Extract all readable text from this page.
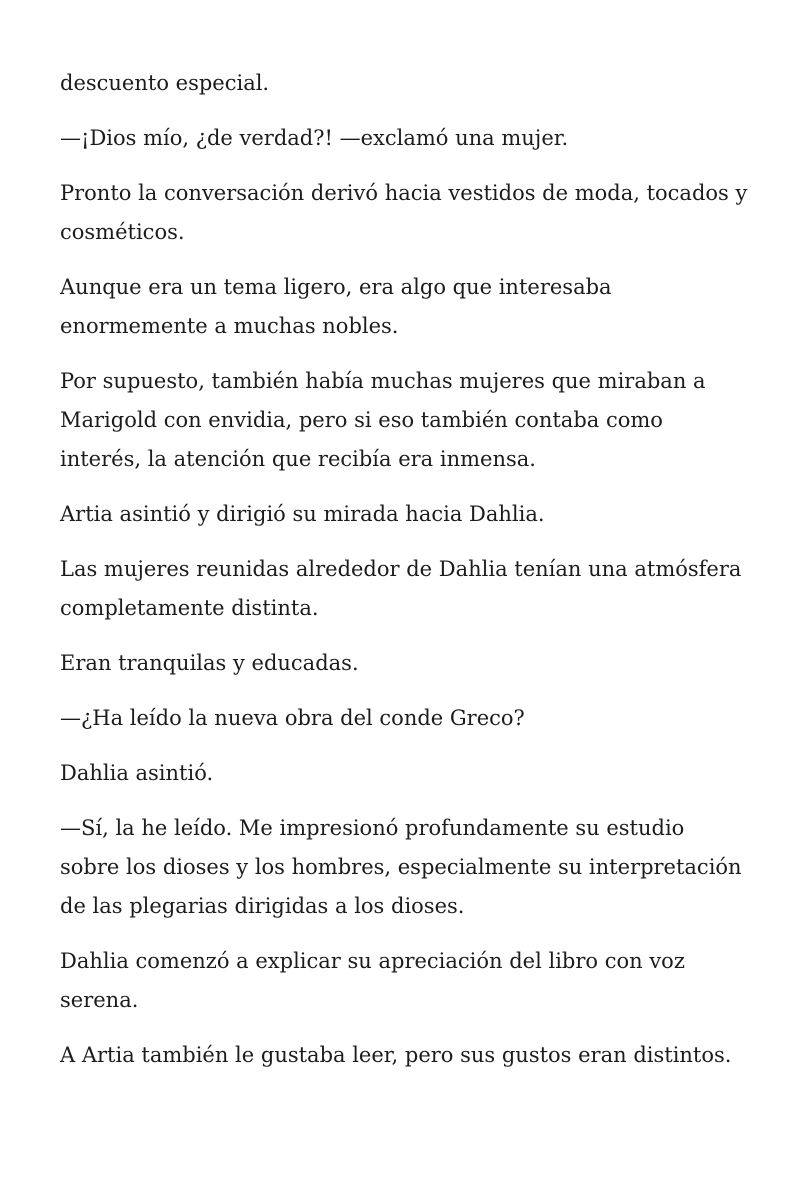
descuento especial.

—¡Dios mío, ¿de verdad?! —exclamó una mujer.

Pronto la conversación derivó hacia vestidos de moda, tocados y cosméticos.

Aunque era un tema ligero, era algo que interesaba enormemente a muchas nobles.

Por supuesto, también había muchas mujeres que miraban a Marigold con envidia, pero si eso también contaba como interés, la atención que recibía era inmensa.

Artia asintió y dirigió su mirada hacia Dahlia.

Las mujeres reunidas alrededor de Dahlia tenían una atmósfera completamente distinta.

Eran tranquilas y educadas.

—¿Ha leído la nueva obra del conde Greco?

Dahlia asintió.

—Sí, la he leído. Me impresionó profundamente su estudio sobre los dioses y los hombres, especialmente su interpretación de las plegarias dirigidas a los dioses.

Dahlia comenzó a explicar su apreciación del libro con voz serena.

A Artia también le gustaba leer, pero sus gustos eran distintos.
